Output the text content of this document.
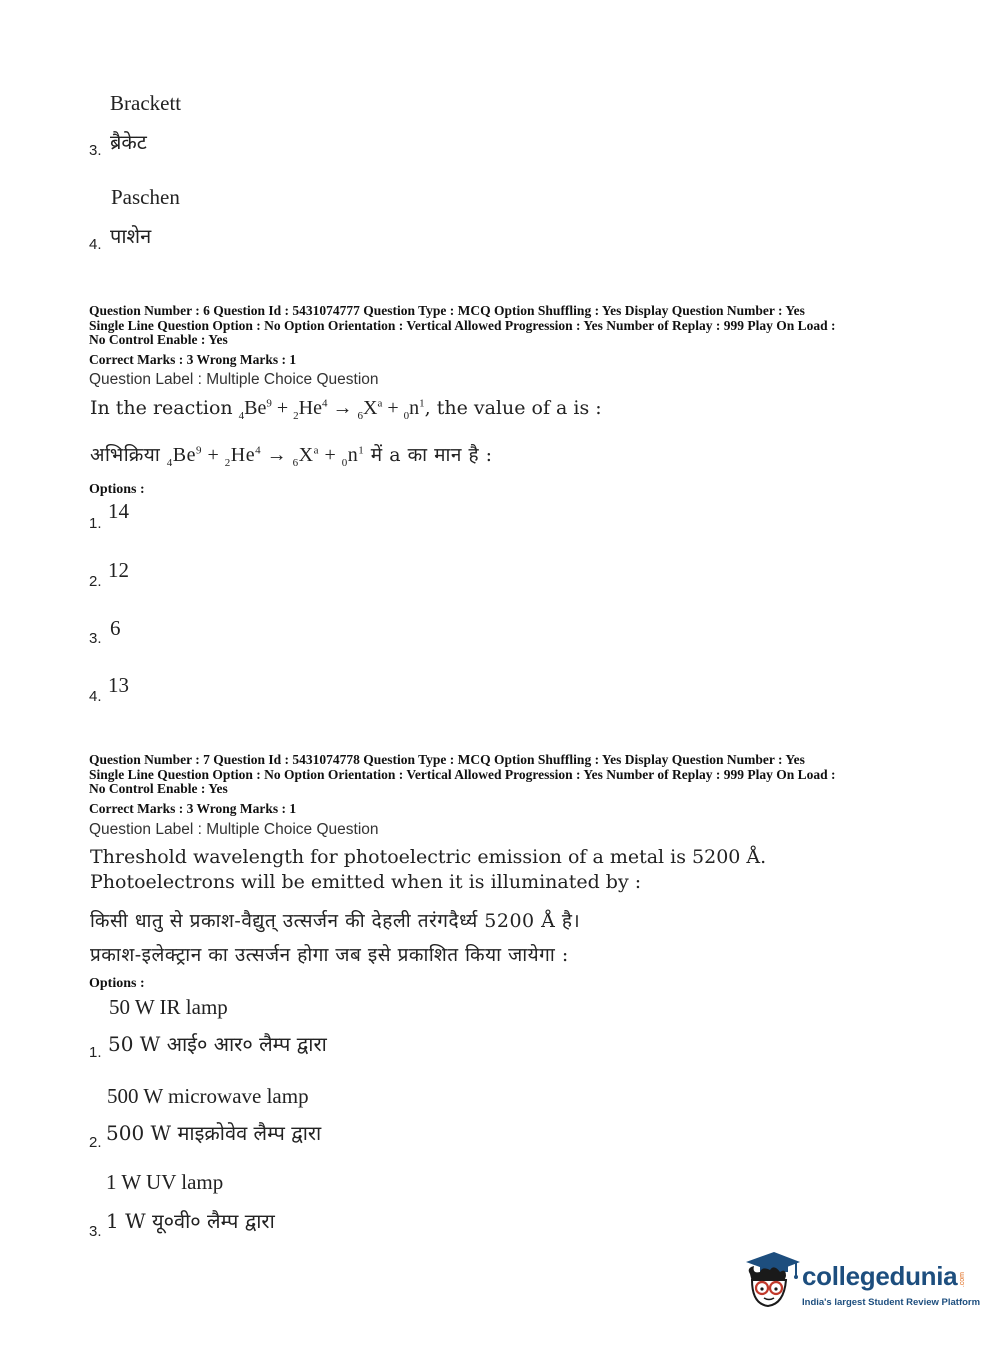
Brackett
3. ब्रैकेट
Paschen
4. पाशेन
Question Number : 6 Question Id : 5431074777 Question Type : MCQ Option Shuffling : Yes Display Question Number : Yes
Single Line Question Option : No Option Orientation : Vertical Allowed Progression : Yes Number of Replay : 999 Play On Load :
No Control Enable : Yes
Correct Marks : 3 Wrong Marks : 1
Question Label : Multiple Choice Question
In the reaction $_4Be^9 + _2He^4 \to _6X^a + _0n^1$, the value of a is :
अभिक्रिया $_4Be^9 + _2He^4 \to _6X^a + _0n^1$ में a का मान है :
Options :
1.
14
2. 12
3. 6
4. 13
Question Number : 7 Question Id : 5431074778 Question Type : MCQ Option Shuffling : Yes Display Question Number : Yes
Single Line Question Option : No Option Orientation : Vertical Allowed Progression : Yes Number of Replay : 999 Play On Load :
No Control Enable : Yes
Correct Marks : 3 Wrong Marks : 1
Question Label : Multiple Choice Question
Threshold wavelength for photoelectric emission of a metal is 5200 Å.
Photoelectrons will be emitted when it is illuminated by :
किसी धातु से प्रकाश-वैद्युत् उत्सर्जन की देहली तरंगदैर्ध्य 5200 Å है।
प्रकाश-इलेक्ट्रान का उत्सर्जन होगा जब इसे प्रकाशित किया जायेगा :
Options :
50 W IR lamp
1. 50 W आई० आर० लैम्प द्वारा
500 W microwave lamp
2. 500 W माइक्रोवेव लैम्प द्वारा
1 W UV lamp
3. 1 W यू०वी० लैम्प द्वारा
collegedunia .com
India's largest Student Review Platform
